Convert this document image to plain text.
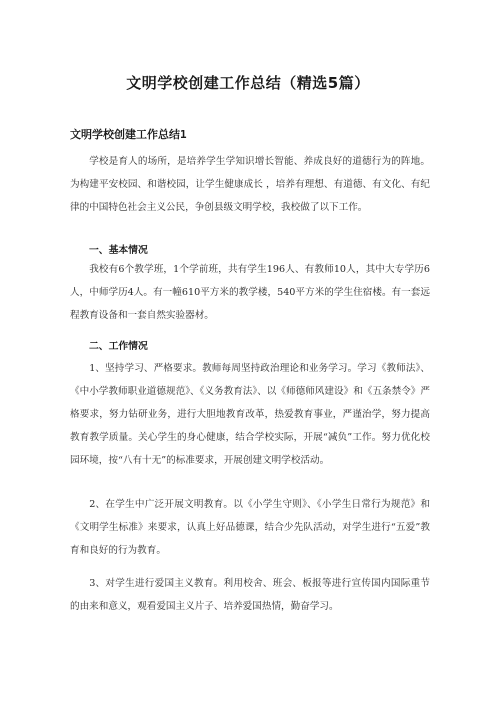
文明学校创建工作总结（精选5篇）
文明学校创建工作总结1

学校是育人的场所，是培养学生学知识增长智能、养成良好的道德行为的阵地。为构建平安校园、和谐校园，让学生健康成长 ，培养有理想、有道德、有文化、有纪律的中国特色社会主义公民，争创县级文明学校，我校做了以下工作。

一、基本情况

我校有6个教学班，1个学前班，共有学生196人、有教师10人，其中大专学历6人，中师学历4人。有一幢610平方米的教学楼，540平方米的学生住宿楼。有一套远程教育设备和一套自然实验器材。

二、工作情况

1、坚持学习、严格要求。教师每周坚持政治理论和业务学习。学习《教师法》、《中小学教师职业道德规范》、《义务教育法》、以《师德师风建设》和《五条禁令》严格要求，努力钻研业务，进行大胆地教育改革，热爱教育事业，严谨治学，努力提高教育教学质量。关心学生的身心健康，结合学校实际，开展“减负”工作。努力优化校园环境，按“八有十无”的标准要求，开展创建文明学校活动。

2、在学生中广泛开展文明教育。以《小学生守则》、《小学生日常行为规范》和《文明学生标准》来要求，认真上好品德课，结合少先队活动，对学生进行“五爱”教育和良好的行为教育。

3、对学生进行爱国主义教育。利用校舍、班会、板报等进行宣传国内国际重节的由来和意义，观看爱国主义片子、培养爱国热情，勤奋学习。
